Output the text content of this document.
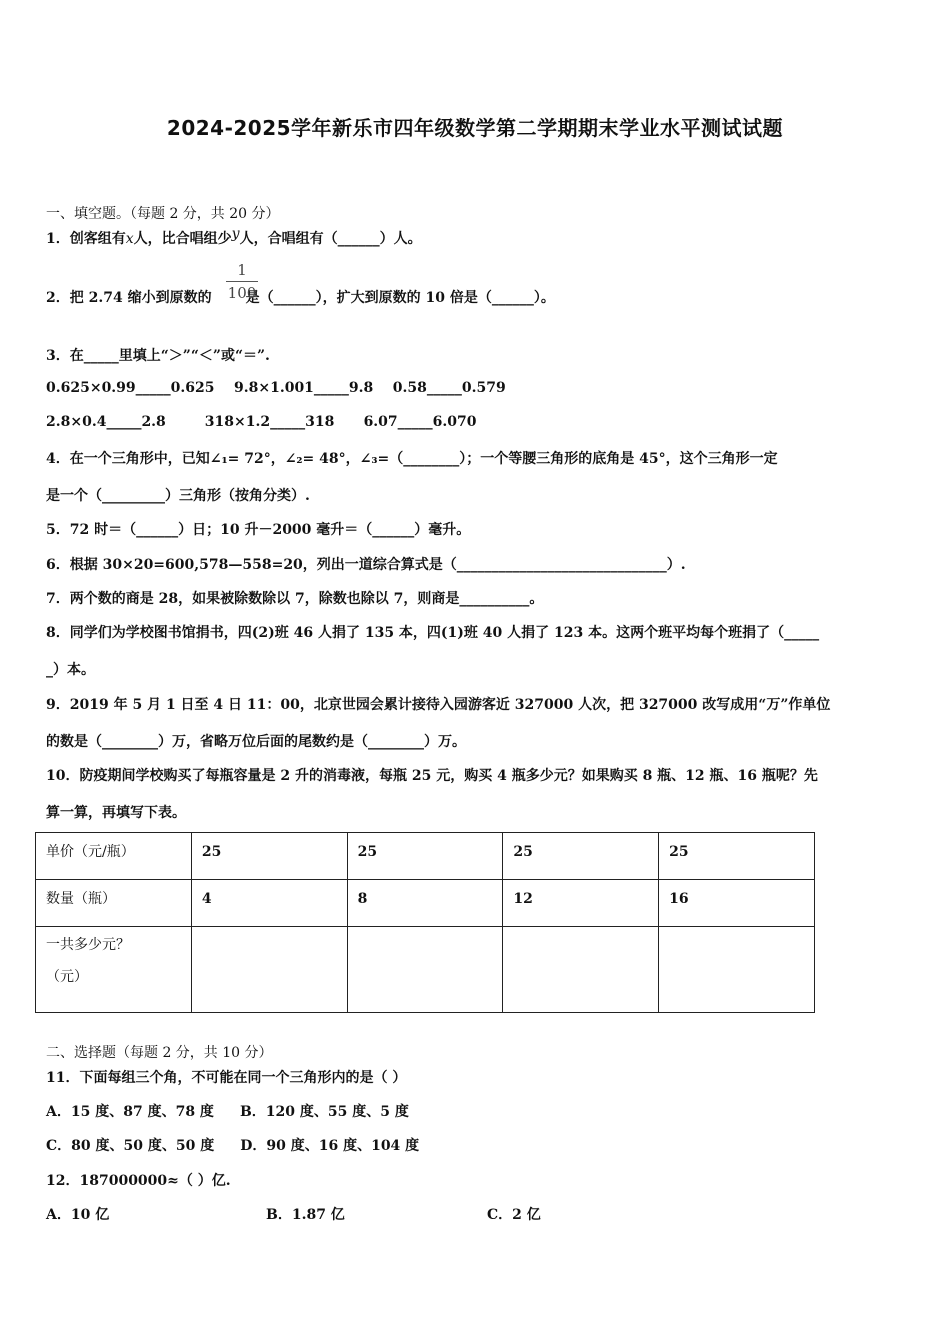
2024-2025学年新乐市四年级数学第二学期期末学业水平测试试题
一、填空题。（每题 2 分，共 20 分）
1．创客组有x人，比合唱组少y人，合唱组有（______）人。
2．把 2.74 缩小到原数的 是（______），扩大到原数的 10 倍是（______）。
1
100
3．在_____里填上“＞”“＜”或“＝”.
0.625×0.99_____0.625    9.8×1.001_____9.8    0.58_____0.579
2.8×0.4_____2.8        318×1.2_____318      6.07_____6.070
4．在一个三角形中，已知∠₁= 72°，∠₂= 48°，∠₃=（________）；一个等腰三角形的底角是 45°，这个三角形一定
是一个（_________）三角形（按角分类）.
5．72 时＝（______）日；10 升－2000 毫升＝（______）毫升。
6．根据 30×20=600,578—558=20，列出一道综合算式是（______________________________）.
7．两个数的商是 28，如果被除数除以 7，除数也除以 7，则商是__________。
8．同学们为学校图书馆捐书，四(2)班 46 人捐了 135 本，四(1)班 40 人捐了 123 本。这两个班平均每个班捐了（_____
_）本。
9．2019 年 5 月 1 日至 4 日 11：00，北京世园会累计接待入园游客近 327000 人次，把 327000 改写成用“万”作单位
的数是（________）万，省略万位后面的尾数约是（________）万。
10．防疫期间学校购买了每瓶容量是 2 升的消毒液，每瓶 25 元，购买 4 瓶多少元？如果购买 8 瓶、12 瓶、16 瓶呢？先
算一算，再填写下表。
单价（元/瓶）	25	25	25	25
数量（瓶）	4	8	12	16

一共多少元？
（元）				

二、选择题（每题 2 分，共 10 分）
11．下面每组三个角，不可能在同一个三角形内的是（ ）
A．15 度、87 度、78 度 B．120 度、55 度、5 度
C．80 度、50 度、50 度 D．90 度、16 度、104 度
12．187000000≈（ ）亿.
A．10 亿	B．1.87 亿	C．2 亿
